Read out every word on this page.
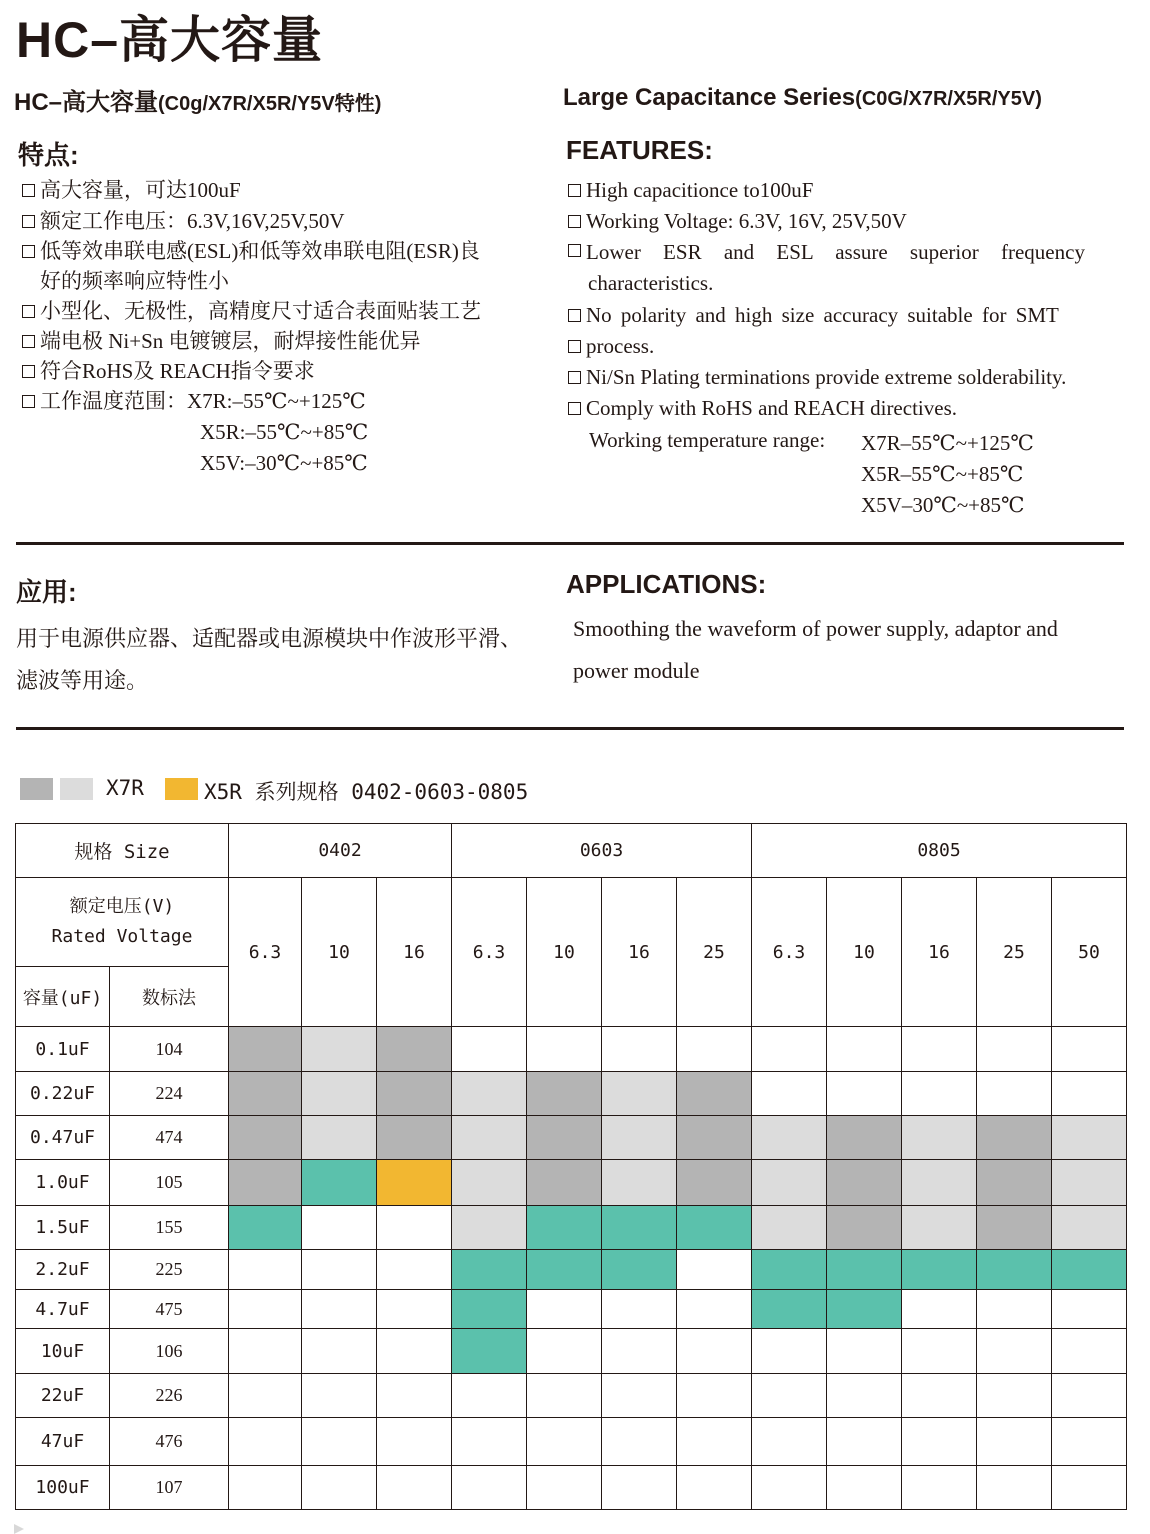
HC–高大容量
HC–高大容量(C0g/X7R/X5R/Y5V特性)	Large Capacitance Series(C0G/X7R/X5R/Y5V)
特点:
高大容量，可达100uF
额定工作电压：6.3V,16V,25V,50V
低等效串联电感(ESL)和低等效串联电阻(ESR)良
好的频率响应特性小
小型化、无极性，高精度尺寸适合表面贴装工艺
端电极 Ni+Sn 电镀镀层，耐焊接性能优异
符合RoHS及 REACH指令要求
工作温度范围：X7R:–55℃~+125℃
X5R:–55℃~+85℃
X5V:–30℃~+85℃
FEATURES:
High capacitionce to100uF
Working Voltage: 6.3V, 16V, 25V,50V
Lower ESR and ESL assure superior frequency
characteristics.
No polarity and high size accuracy suitable for SMT
process.
Ni/Sn Plating terminations provide extreme solderability.
Comply with RoHS and REACH directives.
Working temperature range: X7R–55℃~+125℃
X5R–55℃~+85℃
X5V–30℃~+85℃
应用:
用于电源供应器、适配器或电源模块中作波形平滑、
滤波等用途。
APPLICATIONS:
Smoothing the waveform of power supply, adaptor and
power module
X7R	X5R 系列规格 0402-0603-0805
规格 Size		0402			0603				0805				

额定电压(V)
Rated Voltage		6.3	10	16	6.3	10	16	25	6.3	10	16	25	50
容量(uF)	数标法												
0.1uF	104												
0.22uF	224												
0.47uF	474												
1.0uF	105												
1.5uF	155												
2.2uF	225												
4.7uF	475												
10uF	106												
22uF	226												
47uF	476												
100uF	107												
